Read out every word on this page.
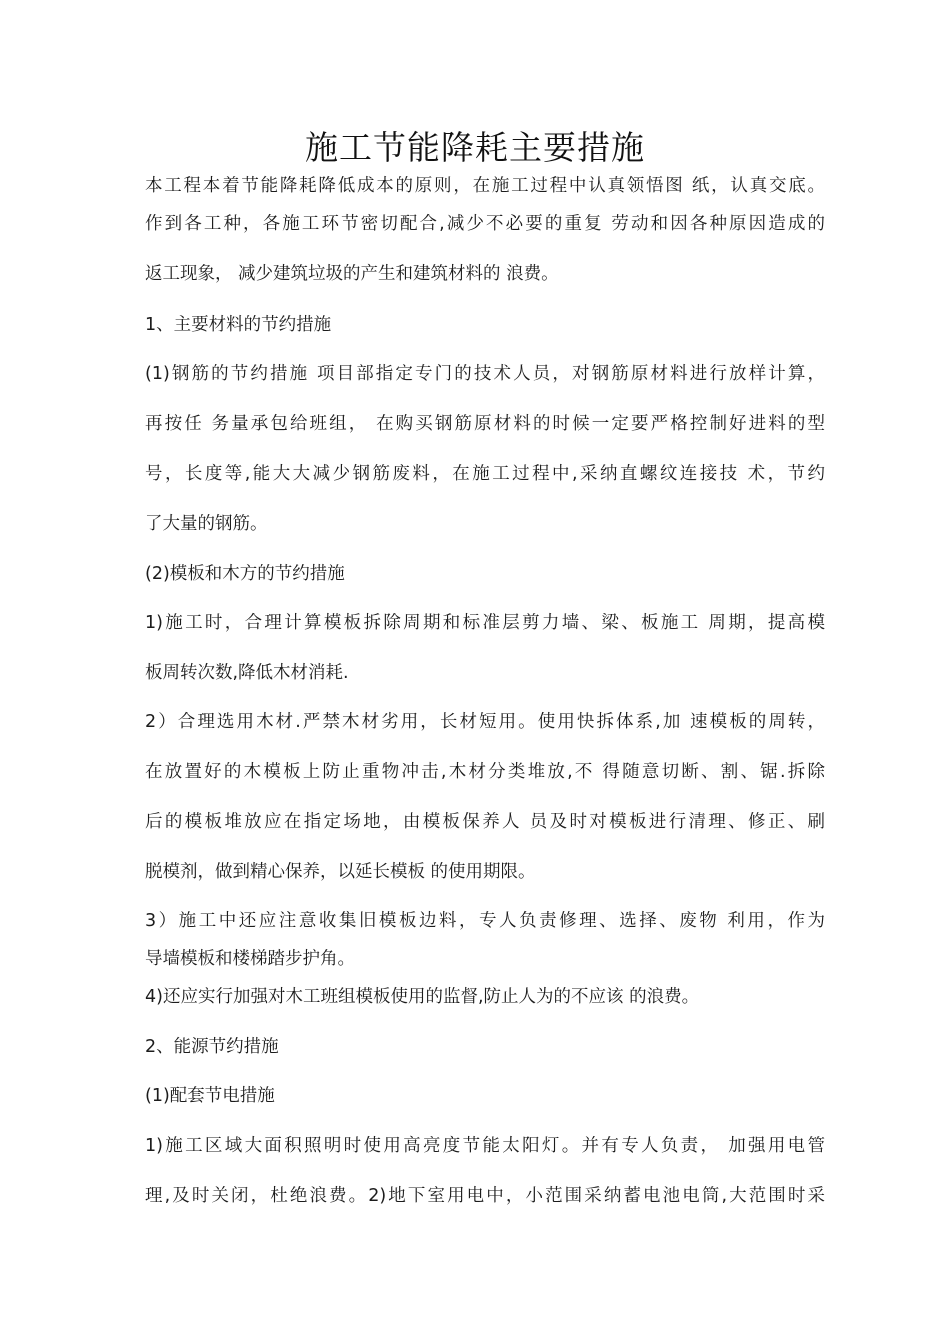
施工节能降耗主要措施
本工程本着节能降耗降低成本的原则，在施工过程中认真领悟图 纸，认真交底。
作到各工种，各施工环节密切配合,减少不必要的重复 劳动和因各种原因造成的
返工现象， 减少建筑垃圾的产生和建筑材料的 浪费。
1、主要材料的节约措施
(1)钢筋的节约措施 项目部指定专门的技术人员，对钢筋原材料进行放样计算，
再按任 务量承包给班组， 在购买钢筋原材料的时候一定要严格控制好进料的型
号，长度等,能大大减少钢筋废料，在施工过程中,采纳直螺纹连接技 术，节约
了大量的钢筋。
(2)模板和木方的节约措施
1)施工时，合理计算模板拆除周期和标准层剪力墙、梁、板施工 周期，提高模
板周转次数,降低木材消耗.
2）合理选用木材.严禁木材劣用，长材短用。使用快拆体系,加 速模板的周转，
在放置好的木模板上防止重物冲击,木材分类堆放,不 得随意切断、割、锯.拆除
后的模板堆放应在指定场地，由模板保养人 员及时对模板进行清理、修正、刷
脱模剂，做到精心保养，以延长模板 的使用期限。
3）施工中还应注意收集旧模板边料，专人负责修理、选择、废物 利用，作为
导墙模板和楼梯踏步护角。
4)还应实行加强对木工班组模板使用的监督,防止人为的不应该 的浪费。
2、能源节约措施
(1)配套节电措施
1)施工区域大面积照明时使用高亮度节能太阳灯。并有专人负责， 加强用电管
理,及时关闭，杜绝浪费。2)地下室用电中，小范围采纳蓄电池电筒,大范围时采
